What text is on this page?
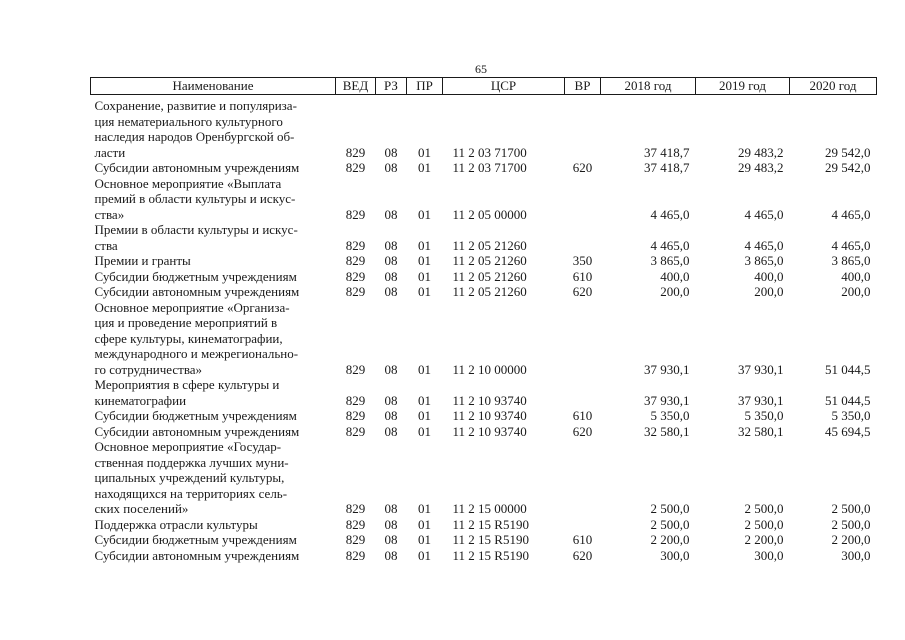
65
Наименование	ВЕД	РЗ	ПР	ЦСР	ВР	2018 год	2019 год	2020 год

Сохранение, развитие и популяриза-
ция нематериального культурного
наследия народов Оренбургской об-
ласти	829	08	01	11 2 03 71700		37 418,7	29 483,2	29 542,0

Субсидии автономным учреждениям	829	08	01	11 2 03 71700	620	37 418,7	29 483,2	29 542,0

Основное мероприятие «Выплата
премий в области культуры и искус-
ства»	829	08	01	11 2 05 00000		4 465,0	4 465,0	4 465,0

Премии в области культуры и искус-
ства	829	08	01	11 2 05 21260		4 465,0	4 465,0	4 465,0

Премии и гранты	829	08	01	11 2 05 21260	350	3 865,0	3 865,0	3 865,0

Субсидии бюджетным учреждениям	829	08	01	11 2 05 21260	610	400,0	400,0	400,0

Субсидии автономным учреждениям	829	08	01	11 2 05 21260	620	200,0	200,0	200,0

Основное мероприятие «Организа-
ция и проведение мероприятий в
сфере культуры, кинематографии,
международного и межрегионально-
го сотрудничества»	829	08	01	11 2 10 00000		37 930,1	37 930,1	51 044,5

Мероприятия в сфере культуры и
кинематографии	829	08	01	11 2 10 93740		37 930,1	37 930,1	51 044,5

Субсидии бюджетным учреждениям	829	08	01	11 2 10 93740	610	5 350,0	5 350,0	5 350,0

Субсидии автономным учреждениям	829	08	01	11 2 10 93740	620	32 580,1	32 580,1	45 694,5

Основное мероприятие «Государ-
ственная поддержка лучших муни-
ципальных учреждений культуры,
находящихся на территориях сель-
ских поселений»	829	08	01	11 2 15 00000		2 500,0	2 500,0	2 500,0

Поддержка отрасли культуры	829	08	01	11 2 15 R5190		2 500,0	2 500,0	2 500,0

Субсидии бюджетным учреждениям	829	08	01	11 2 15 R5190	610	2 200,0	2 200,0	2 200,0

Субсидии автономным учреждениям	829	08	01	11 2 15 R5190	620	300,0	300,0	300,0
